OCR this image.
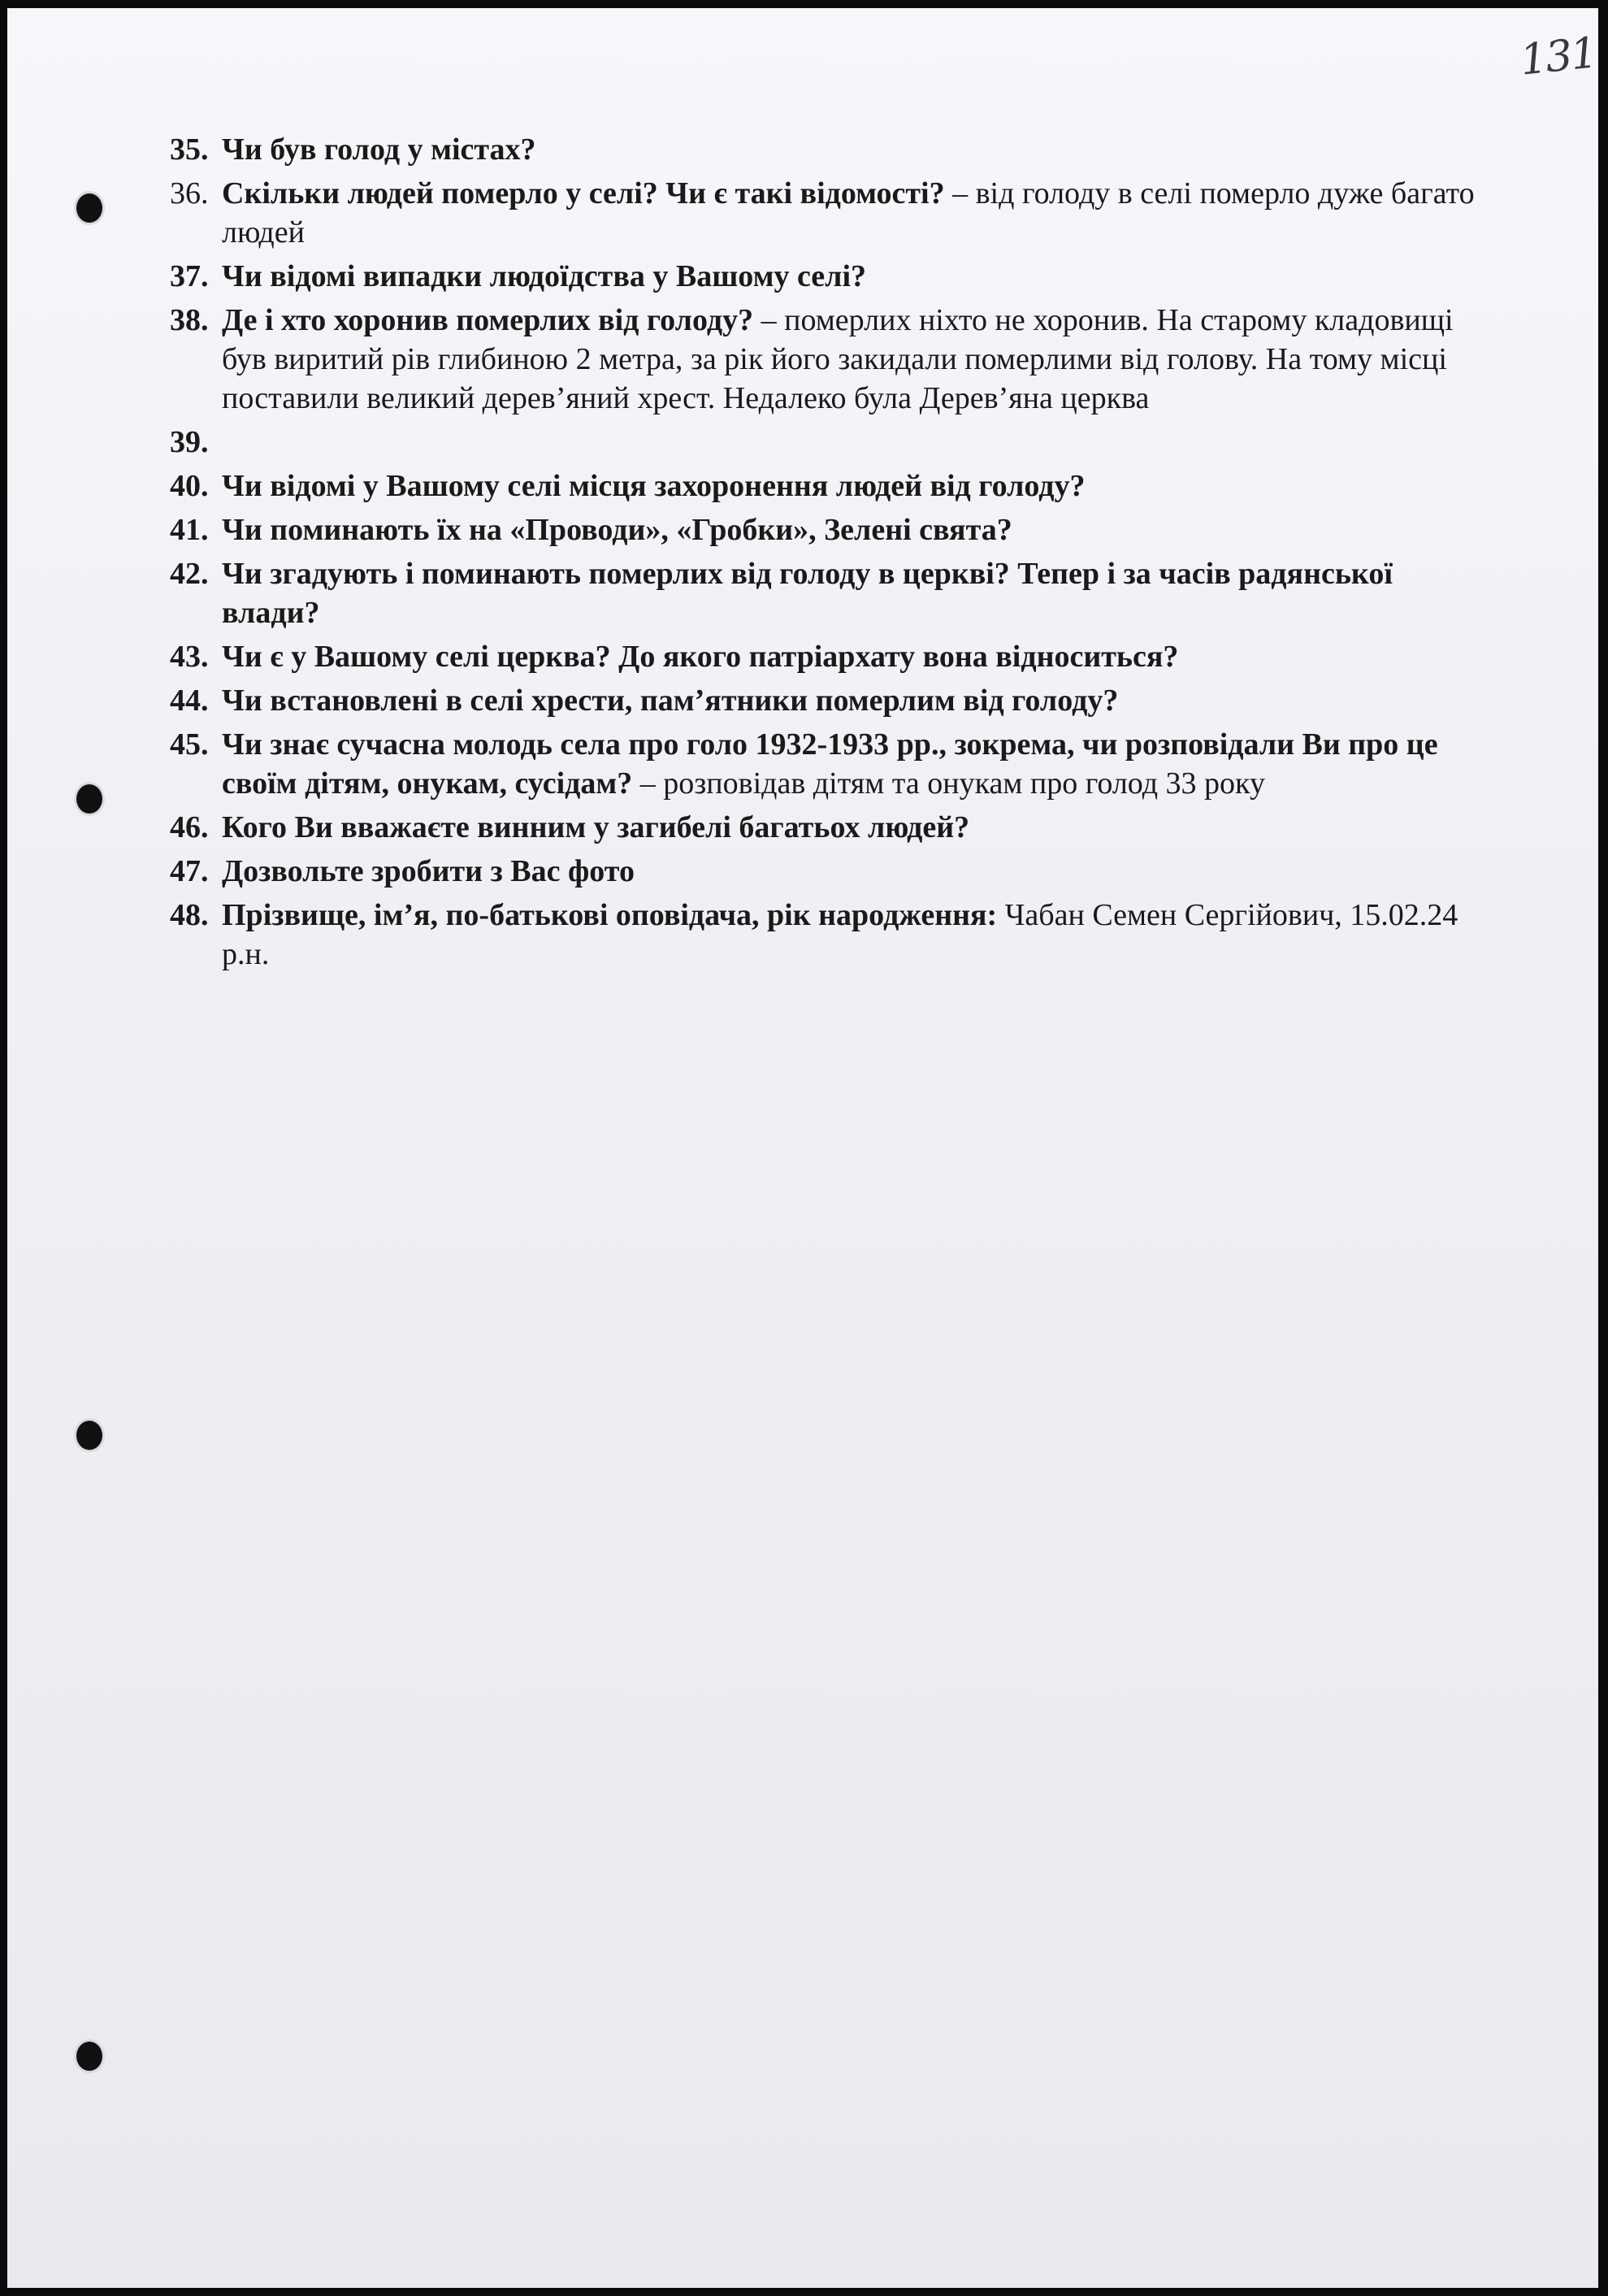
131
35. Чи був голод у містах?
36. Скільки людей померло у селі? Чи є такі відомості? – від голоду в селі померло дуже багато людей
37. Чи відомі випадки людоїдства у Вашому селі?
38. Де і хто хоронив померлих від голоду? – померлих ніхто не хоронив. На старому кладовищі був виритий рів глибиною 2 метра, за рік його закидали померлими від голову. На тому місці поставили великий дерев’яний хрест. Недалеко була Дерев’яна церква
39.

40. Чи відомі у Вашому селі місця захоронення людей від голоду?
41. Чи поминають їх на «Проводи», «Гробки», Зелені свята?
42. Чи згадують і поминають померлих від голоду в церкві? Тепер і за часів радянської влади?
43. Чи є у Вашому селі церква? До якого патріархату вона відноситься?
44. Чи встановлені в селі хрести, пам’ятники померлим від голоду?
45. Чи знає сучасна молодь села про голо 1932-1933 рр., зокрема, чи розповідали Ви про це своїм дітям, онукам, сусідам? – розповідав дітям та онукам про голод 33 року
46. Кого Ви вважаєте винним у загибелі багатьох людей?
47. Дозвольте зробити з Вас фото
48. Прізвище, ім’я, по-батькові оповідача, рік народження: Чабан Семен Сергійович, 15.02.24 р.н.
